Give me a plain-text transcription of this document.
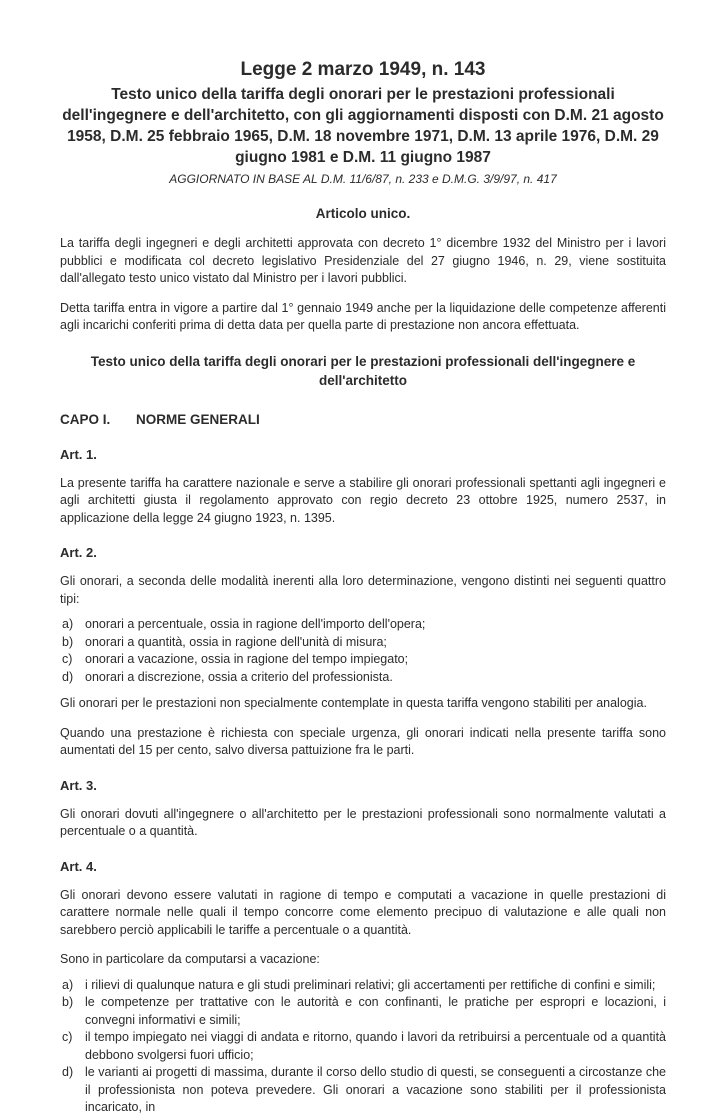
Legge 2 marzo 1949, n. 143
Testo unico della tariffa degli onorari per le prestazioni professionali dell'ingegnere e dell'architetto, con gli aggiornamenti disposti con D.M. 21 agosto 1958, D.M. 25 febbraio 1965, D.M. 18 novembre 1971, D.M. 13 aprile 1976, D.M. 29 giugno 1981 e D.M. 11 giugno 1987
AGGIORNATO IN BASE AL D.M. 11/6/87, n. 233 e D.M.G. 3/9/97, n. 417
Articolo unico.

La tariffa degli ingegneri e degli architetti approvata con decreto 1° dicembre 1932 del Ministro per i lavori pubblici e modificata col decreto legislativo Presidenziale del 27 giugno 1946, n. 29, viene sostituita dall'allegato testo unico vistato dal Ministro per i lavori pubblici.

Detta tariffa entra in vigore a partire dal 1° gennaio 1949 anche per la liquidazione delle competenze afferenti agli incarichi conferiti prima di detta data per quella parte di prestazione non ancora effettuata.

Testo unico della tariffa degli onorari per le prestazioni professionali dell'ingegnere e dell'architetto
CAPO I. NORME GENERALI
Art. 1.

La presente tariffa ha carattere nazionale e serve a stabilire gli onorari professionali spettanti agli ingegneri e agli architetti giusta il regolamento approvato con regio decreto 23 ottobre 1925, numero 2537, in applicazione della legge 24 giugno 1923, n. 1395.

Art. 2.

Gli onorari, a seconda delle modalità inerenti alla loro determinazione, vengono distinti nei seguenti quattro tipi:

a) onorari a percentuale, ossia in ragione dell'importo dell'opera;
b) onorari a quantità, ossia in ragione dell'unità di misura;
c) onorari a vacazione, ossia in ragione del tempo impiegato;
d) onorari a discrezione, ossia a criterio del professionista.

Gli onorari per le prestazioni non specialmente contemplate in questa tariffa vengono stabiliti per analogia.

Quando una prestazione è richiesta con speciale urgenza, gli onorari indicati nella presente tariffa sono aumentati del 15 per cento, salvo diversa pattuizione fra le parti.

Art. 3.

Gli onorari dovuti all'ingegnere o all'architetto per le prestazioni professionali sono normalmente valutati a percentuale o a quantità.

Art. 4.

Gli onorari devono essere valutati in ragione di tempo e computati a vacazione in quelle prestazioni di carattere normale nelle quali il tempo concorre come elemento precipuo di valutazione e alle quali non sarebbero perciò applicabili le tariffe a percentuale o a quantità.

Sono in particolare da computarsi a vacazione:

a) i rilievi di qualunque natura e gli studi preliminari relativi; gli accertamenti per rettifiche di confini e simili;
b) le competenze per trattative con le autorità e con confinanti, le pratiche per espropri e locazioni, i convegni informativi e simili;
c) il tempo impiegato nei viaggi di andata e ritorno, quando i lavori da retribuirsi a percentuale od a quantità debbono svolgersi fuori ufficio;
d) le varianti ai progetti di massima, durante il corso dello studio di questi, se conseguenti a circostanze che il professionista non poteva prevedere. Gli onorari a vacazione sono stabiliti per il professionista incaricato, in
